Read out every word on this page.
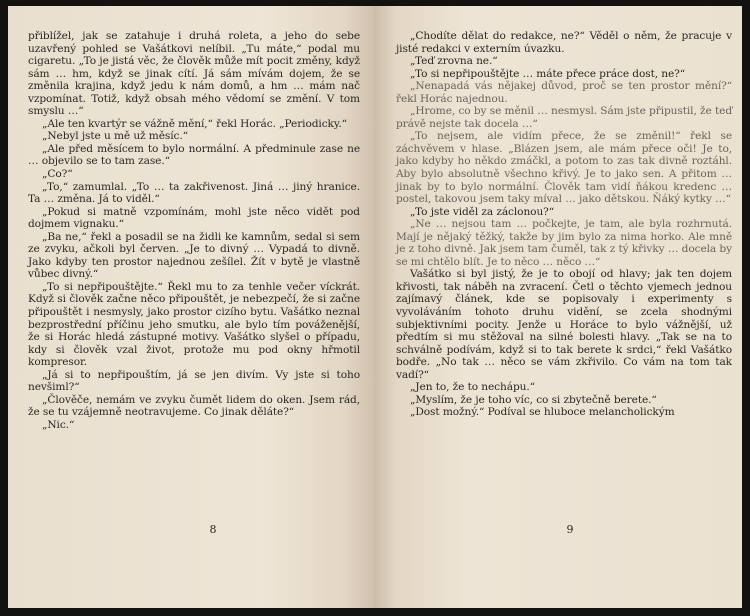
přiblížel, jak se zatahuje i druhá roleta, a jeho do sebe uzavřený pohled se Vašátkovi nelíbil. „Tu máte,“ podal mu cigaretu. „To je jistá věc, že člověk může mít pocit změny, když sám … hm, když se jinak cítí. Já sám mívám dojem, že se změnila krajina, když jedu k nám domů, a hm … mám nač vzpomínat. Totiž, když obsah mého vědomí se změní. V tom smyslu …“

„Ale ten kvartýr se vážně mění,“ řekl Horác. „Periodicky.“

„Nebyl jste u mě už měsíc.“

„Ale před měsícem to bylo normální. A předminule zase ne … objevilo se to tam zase.“

„Co?“

„To,“ zamumlal. „To … ta zakřivenost. Jiná … jiný hranice. Ta … změna. Já to viděl.“

„Pokud si matně vzpomínám, mohl jste něco vidět pod dojmem vignaku.“

„Ba ne,“ řekl a posadil se na židli ke kamnům, sedal si sem ze zvyku, ačkoli byl červen. „Je to divný … Vypadá to divně. Jako kdyby ten prostor najednou zešílel. Žít v bytě je vlastně vůbec divný.“

„To si nepřipouštějte.“ Řekl mu to za tenhle večer víckrát. Když si člověk začne něco připouštět, je nebezpečí, že si začne připouštět i nesmysly, jako prostor cizího bytu. Vašátko neznal bezprostřední příčinu jeho smutku, ale bylo tím pováženější, že si Horác hledá zástupné motivy. Vašátko slyšel o případu, kdy si člověk vzal život, protože mu pod okny hřmotil kompresor.

„Já si to nepřipouštím, já se jen divím. Vy jste si toho nevšiml?“

„Člověče, nemám ve zvyku čumět lidem do oken. Jsem rád, že se tu vzájemně neotravujeme. Co jinak děláte?“

„Nic.“

8

„Chodíte dělat do redakce, ne?“ Věděl o něm, že pracuje v jisté redakci v externím úvazku.

„Teď zrovna ne.“

„To si nepřipouštějte … máte přece práce dost, ne?“

„Nenapadá vás nějakej důvod, proč se ten prostor mění?“ řekl Horác najednou.

„Hrome, co by se měnil … nesmysl. Sám jste připustil, že teď právě nejste tak docela …“

„To nejsem, ale vidím přece, že se změnil!“ řekl se záchvěvem v hlase. „Blázen jsem, ale mám přece oči! Je to, jako kdyby ho někdo zmáčkl, a potom to zas tak divně roztáhl. Aby bylo absolutně všechno křivý. Je to jako sen. A přitom … jinak by to bylo normální. Člověk tam vidí ňákou kredenc … postel, takovou jsem taky míval … jako dětskou. Ňáký kytky …“

„To jste viděl za záclonou?“

„Ne … nejsou tam … počkejte, je tam, ale byla rozhrnutá. Mají je nějaký těžký, takže by jim bylo za nima horko. Ale mně je z toho divně. Jak jsem tam čuměl, tak z tý křivky … docela by se mi chtělo blít. Je to něco … něco …“

Vašátko si byl jistý, že je to obojí od hlavy; jak ten dojem křivosti, tak náběh na zvracení. Četl o těchto vjemech jednou zajímavý článek, kde se popisovaly i experimenty s vyvoláváním tohoto druhu vidění, se zcela shodnými subjektivními pocity. Jenže u Horáce to bylo vážnější, už předtím si mu stěžoval na silné bolesti hlavy. „Tak se na to schválně podívám, když si to tak berete k srdci,“ řekl Vašátko bodře. „No tak … něco se vám zkřivilo. Co vám na tom tak vadí?“

„Jen to, že to nechápu.“

„Myslím, že je toho víc, co si zbytečně berete.“

„Dost možný.“ Podíval se hluboce melancholickým

9
